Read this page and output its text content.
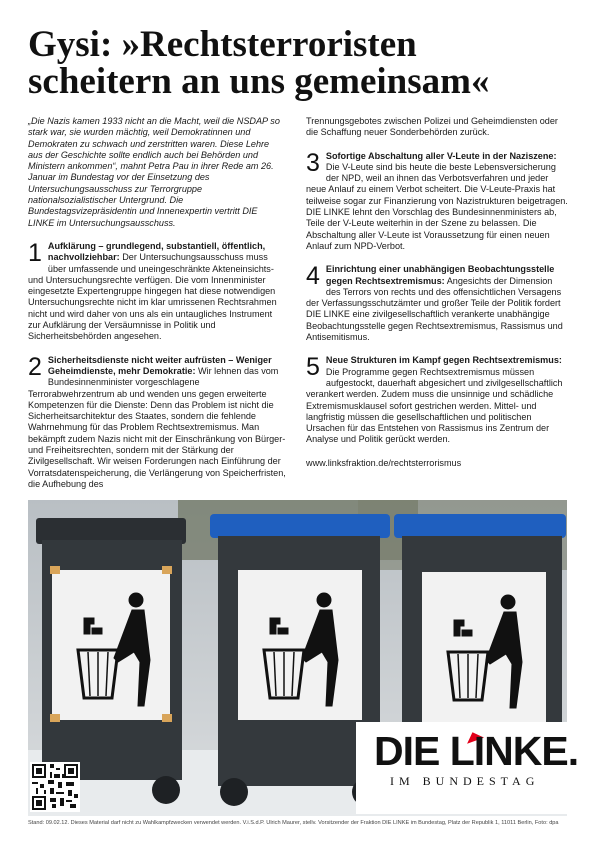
Gysi: »Rechtsterroristen
scheitern an uns gemeinsam«

„Die Nazis kamen 1933 nicht an die Macht, weil die NSDAP so stark war, sie wurden mächtig, weil Demokratinnen und Demokraten zu schwach und zerstritten waren. Diese Lehre aus der Geschichte sollte endlich auch bei Behörden und Ministern ankommen“, mahnt Petra Pau in ihrer Rede am 26. Januar im Bundestag vor der Einsetzung des Untersuchungsausschuss zur Terrorgruppe nationalsozialistischer Untergrund. Die Bundestagsvizepräsidentin und Innenexpertin vertritt DIE LINKE im Untersuchungsausschuss.

1 Aufklärung – grundlegend, substantiell, öffentlich, nachvollziehbar: Der Untersuchungsausschuss muss über umfassende und uneingeschränkte Akteneinsichts- und Untersuchungsrechte verfügen. Die vom Innenminister eingesetzte Expertengruppe hingegen hat diese notwendigen Untersuchungsrechte nicht im klar umrissenen Rechtsrahmen nicht und wird daher von uns als ein untaugliches Instrument zur Aufklärung der Versäumnisse in Politik und Sicherheitsbehörden angesehen.
2 Sicherheitsdienste nicht weiter aufrüsten – Weniger Geheimdienste, mehr Demokratie: Wir lehnen das vom Bundesinnenminister vorgeschlagene Terrorabwehrzentrum ab und wenden uns gegen erweiterte Kompetenzen für die Dienste: Denn das Problem ist nicht die Sicherheitsarchitektur des Staates, sondern die fehlende Wahrnehmung für das Problem Rechtsextremismus. Man bekämpft zudem Nazis nicht mit der Einschränkung von Bürger- und Freiheitsrechten, sondern mit der Stärkung der Zivilgesellschaft. Wir weisen Forderungen nach Einführung der Vorratsdatenspeicherung, die Verlängerung von Speicherfristen, die Aufhebung des

Trennungsgebotes zwischen Polizei und Geheimdiensten oder die Schaffung neuer Sonderbehörden zurück.

3 Sofortige Abschaltung aller V-Leute in der Naziszene: Die V-Leute sind bis heute die beste Lebensversicherung der NPD, weil an ihnen das Verbotsverfahren und jeder neue Anlauf zu einem Verbot scheitert. Die V-Leute-Praxis hat teilweise sogar zur Finanzierung von Nazistrukturen beigetragen. DIE LINKE lehnt den Vorschlag des Bundesinnenministers ab, Teile der V-Leute weiterhin in der Szene zu belassen. Die Abschaltung aller V-Leute ist Voraussetzung für einen neuen Anlauf zum NPD-Verbot.
4 Einrichtung einer unabhängigen Beobachtungsstelle gegen Rechtsextremismus: Angesichts der Dimension des Terrors von rechts und des offensichtlichen Versagens der Verfassungsschutzämter und großer Teile der Politik fordert DIE LINKE eine zivilgesellschaftlich verankerte unabhängige Beobachtungsstelle gegen Rechtsextremismus, Rassismus und Antisemitismus.
5 Neue Strukturen im Kampf gegen Rechtsextremismus: Die Programme gegen Rechtsextremismus müssen aufgestockt, dauerhaft abgesichert und zivilgesellschaftlich verankert werden. Zudem muss die unsinnige und schädliche Extremismusklausel sofort gestrichen werden. Mittel- und langfristig müssen die gesellschaftlichen und politischen Ursachen für das Entstehen von Rassismus ins Zentrum der Analyse und Politik gerückt werden.

www.linksfraktion.de/rechtsterrorismus

DIE LINKE.
IM BUNDESTAG

Stand: 09.02.12. Dieses Material darf nicht zu Wahlkampfzwecken verwendet werden. V.i.S.d.P. Ulrich Maurer, stellv. Vorsitzender der Fraktion DIE LINKE im Bundestag, Platz der Republik 1, 11011 Berlin, Foto: dpa
